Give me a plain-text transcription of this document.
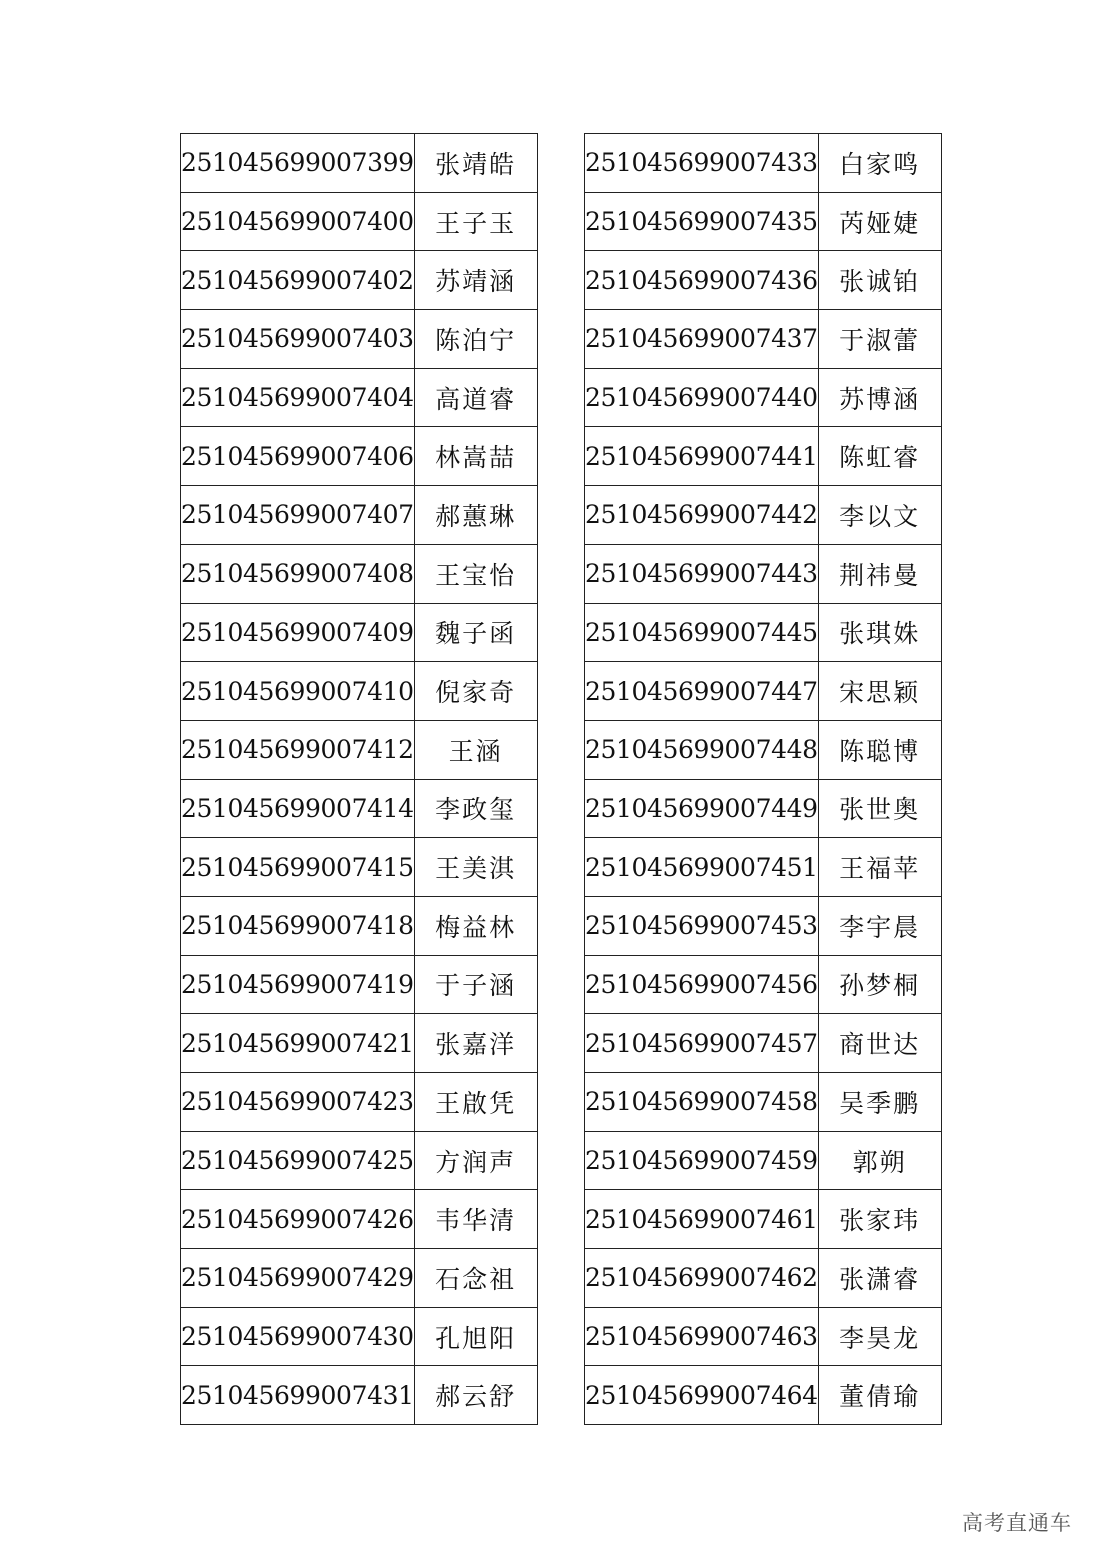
251045699007399	张靖皓
251045699007400	王子玉
251045699007402	苏靖涵
251045699007403	陈泊宁
251045699007404	高道睿
251045699007406	林嵩喆
251045699007407	郝蕙琳
251045699007408	王宝怡
251045699007409	魏子函
251045699007410	倪家奇
251045699007412	王涵
251045699007414	李政玺
251045699007415	王美淇
251045699007418	梅益林
251045699007419	于子涵
251045699007421	张嘉洋
251045699007423	王啟凭
251045699007425	方润声
251045699007426	韦华清
251045699007429	石念祖
251045699007430	孔旭阳
251045699007431	郝云舒
251045699007433	白家鸣
251045699007435	芮娅婕
251045699007436	张诚铂
251045699007437	于淑蕾
251045699007440	苏博涵
251045699007441	陈虹睿
251045699007442	李以文
251045699007443	荆祎曼
251045699007445	张琪姝
251045699007447	宋思颖
251045699007448	陈聪博
251045699007449	张世奥
251045699007451	王福苹
251045699007453	李宇晨
251045699007456	孙梦桐
251045699007457	商世达
251045699007458	吴季鹏
251045699007459	郭朔
251045699007461	张家玮
251045699007462	张潇睿
251045699007463	李昊龙
251045699007464	董倩瑜
高考直通车
